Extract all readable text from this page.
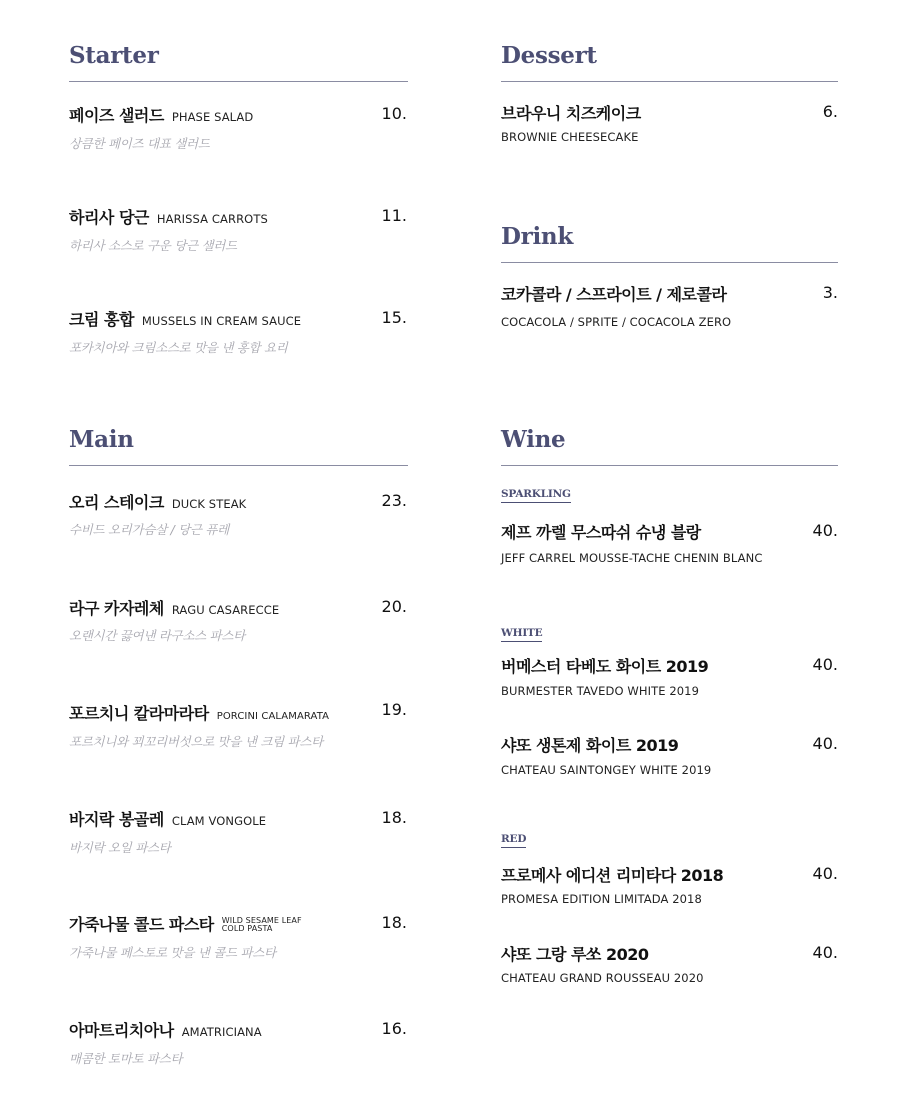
Starter
페이즈 샐러드 PHASE SALAD	10.
상큼한 페이즈 대표 샐러드
하리사 당근 HARISSA CARROTS	11.
하리사 소스로 구운 당근 샐러드
크림 홍합 MUSSELS IN CREAM SAUCE	15.
포카치아와 크림소스로 맛을 낸 홍합 요리
Main
오리 스테이크 DUCK STEAK	23.
수비드 오리가슴살 / 당근 퓨레
라구 카자레체 RAGU CASARECCE	20.
오랜시간 끓여낸 라구소스 파스타
포르치니 칼라마라타 PORCINI CALAMARATA	19.
포르치니와 꾀꼬리버섯으로 맛을 낸 크림 파스타
바지락 봉골레 CLAM VONGOLE	18.
바지락 오일 파스타
가죽나물 콜드 파스타 WILD SESAME LEAF
COLD PASTA	18.
가죽나물 페스토로 맛을 낸 콜드 파스타
아마트리치아나 AMATRICIANA	16.
매콤한 토마토 파스타
Dessert
브라우니 치즈케이크	6.
BROWNIE CHEESECAKE
Drink
코카콜라 / 스프라이트 / 제로콜라	3.
COCACOLA / SPRITE / COCACOLA ZERO
Wine
SPARKLING
제프 까렐 무스따쉬 슈냉 블랑	40.
JEFF CARREL MOUSSE-TACHE CHENIN BLANC
WHITE
버메스터 타베도 화이트 2019	40.
BURMESTER TAVEDO WHITE 2019
샤또 생톤제 화이트 2019	40.
CHATEAU SAINTONGEY WHITE 2019
RED
프로메사 에디션 리미타다 2018	40.
PROMESA EDITION LIMITADA 2018
샤또 그랑 루쏘 2020	40.
CHATEAU GRAND ROUSSEAU 2020
